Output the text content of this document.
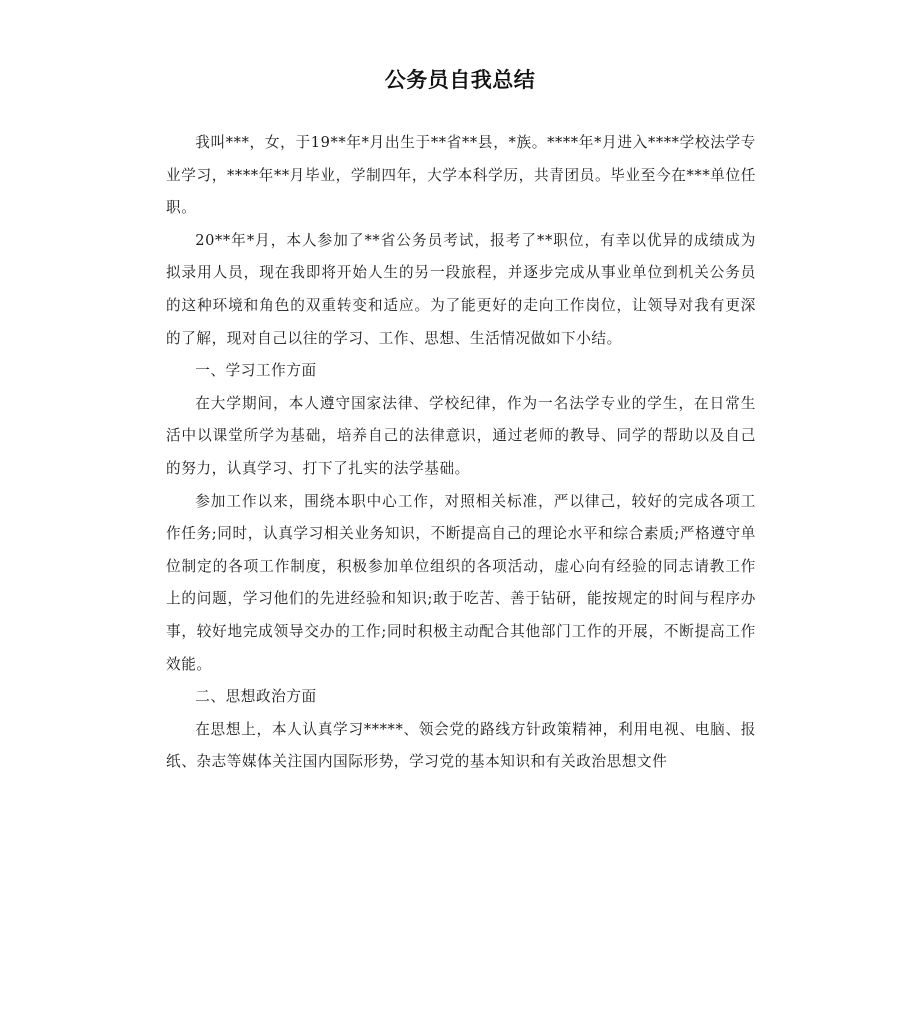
公务员自我总结

我叫***，女，于19**年*月出生于**省**县，*族。****年*月进入****学校法学专业学习，****年**月毕业，学制四年，大学本科学历，共青团员。毕业至今在***单位任职。

20**年*月，本人参加了**省公务员考试，报考了**职位，有幸以优异的成绩成为拟录用人员，现在我即将开始人生的另一段旅程，并逐步完成从事业单位到机关公务员的这种环境和角色的双重转变和适应。为了能更好的走向工作岗位，让领导对我有更深的了解，现对自己以往的学习、工作、思想、生活情况做如下小结。

一、学习工作方面

在大学期间，本人遵守国家法律、学校纪律，作为一名法学专业的学生，在日常生活中以课堂所学为基础，培养自己的法律意识，通过老师的教导、同学的帮助以及自己的努力，认真学习、打下了扎实的法学基础。

参加工作以来，围绕本职中心工作，对照相关标准，严以律己，较好的完成各项工作任务;同时，认真学习相关业务知识，不断提高自己的理论水平和综合素质;严格遵守单位制定的各项工作制度，积极参加单位组织的各项活动，虚心向有经验的同志请教工作上的问题，学习他们的先进经验和知识;敢于吃苦、善于钻研，能按规定的时间与程序办事，较好地完成领导交办的工作;同时积极主动配合其他部门工作的开展，不断提高工作效能。

二、思想政治方面

在思想上，本人认真学习*****、领会党的路线方针政策精神，利用电视、电脑、报纸、杂志等媒体关注国内国际形势，学习党的基本知识和有关政治思想文件
